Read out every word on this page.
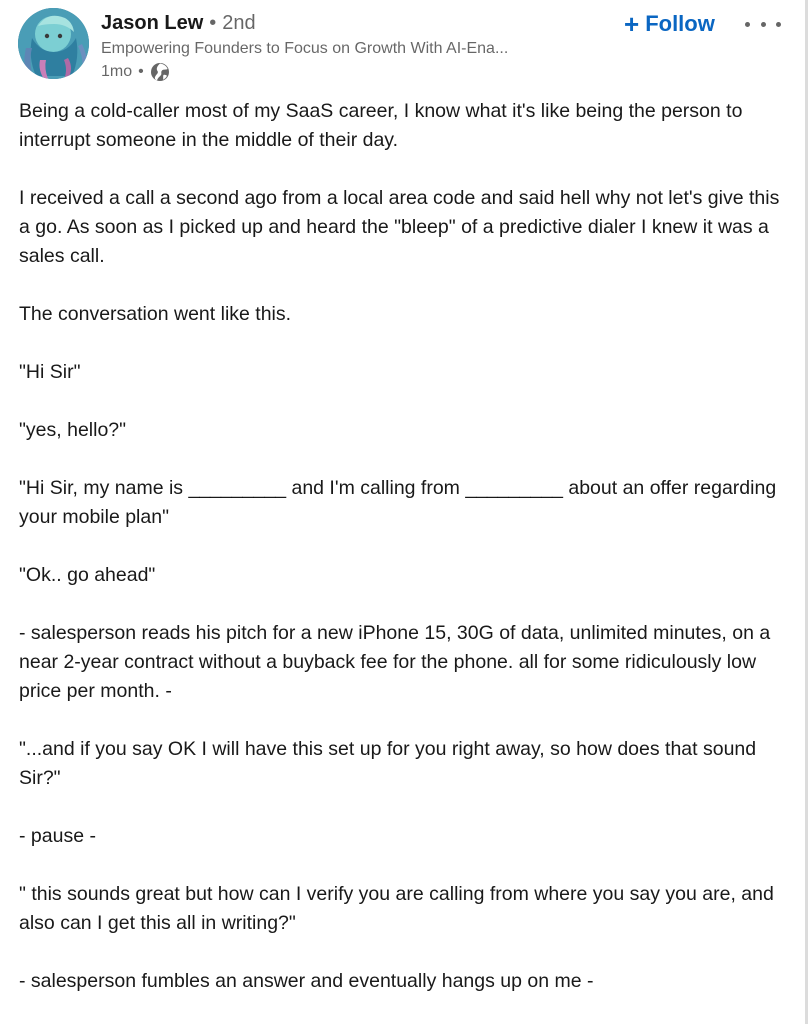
Jason Lew • 2nd
Empowering Founders to Focus on Growth With AI-Ena...
1mo •
+ Follow

Being a cold-caller most of my SaaS career, I know what it's like being the person to interrupt someone in the middle of their day.

I received a call a second ago from a local area code and said hell why not let's give this a go. As soon as I picked up and heard the "bleep" of a predictive dialer I knew it was a sales call.

The conversation went like this.

"Hi Sir"

"yes, hello?"

"Hi Sir, my name is _________ and I'm calling from _________ about an offer regarding your mobile plan"

"Ok.. go ahead"

- salesperson reads his pitch for a new iPhone 15, 30G of data, unlimited minutes, on a near 2-year contract without a buyback fee for the phone. all for some ridiculously low price per month. -

"...and if you say OK I will have this set up for you right away, so how does that sound Sir?"

- pause -

" this sounds great but how can I verify you are calling from where you say you are, and also can I get this all in writing?"

- salesperson fumbles an answer and eventually hangs up on me -
